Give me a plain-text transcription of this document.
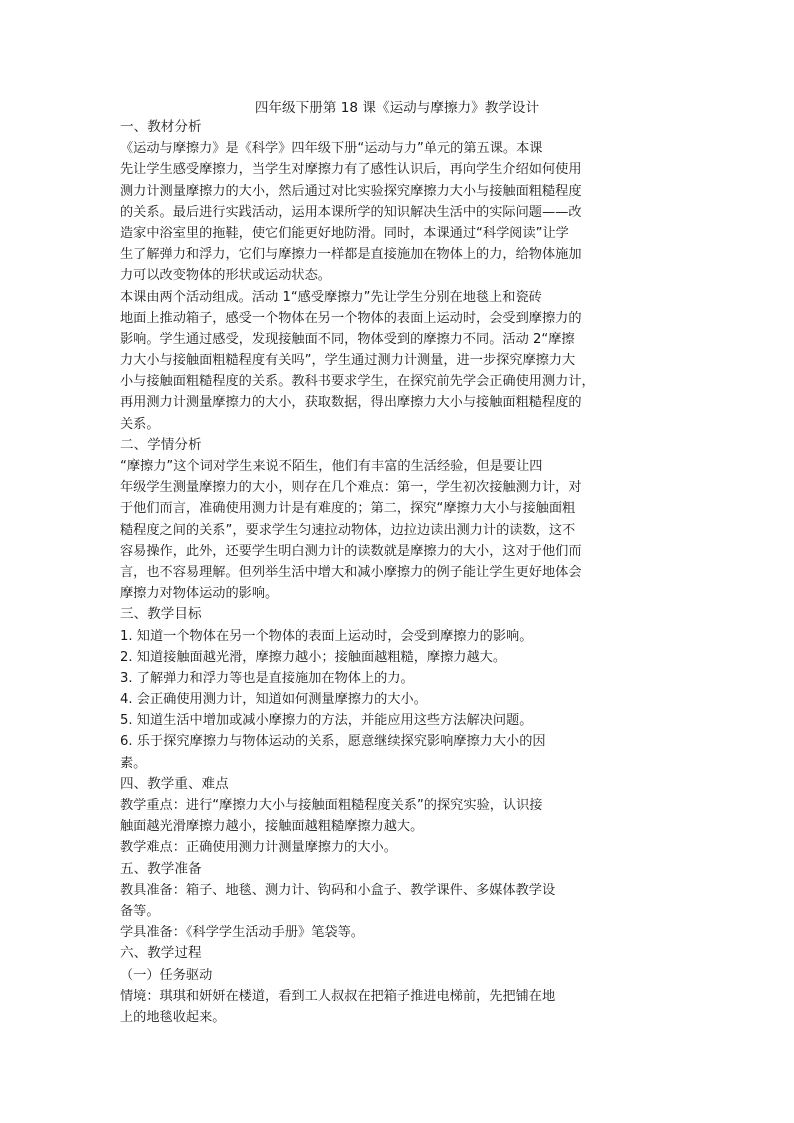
四年级下册第 18 课《运动与摩擦力》教学设计

一、教材分析

《运动与摩擦力》是《科学》四年级下册“运动与力”单元的第五课。本课

先让学生感受摩擦力，当学生对摩擦力有了感性认识后，再向学生介绍如何使用

测力计测量摩擦力的大小，然后通过对比实验探究摩擦力大小与接触面粗糙程度

的关系。最后进行实践活动，运用本课所学的知识解决生活中的实际问题——改

造家中浴室里的拖鞋，使它们能更好地防滑。同时，本课通过“科学阅读”让学

生了解弹力和浮力，它们与摩擦力一样都是直接施加在物体上的力，给物体施加

力可以改变物体的形状或运动状态。

本课由两个活动组成。活动 1“感受摩擦力”先让学生分别在地毯上和瓷砖

地面上推动箱子，感受一个物体在另一个物体的表面上运动时，会受到摩擦力的

影响。学生通过感受，发现接触面不同，物体受到的摩擦力不同。活动 2“摩擦

力大小与接触面粗糙程度有关吗”，学生通过测力计测量，进一步探究摩擦力大

小与接触面粗糙程度的关系。教科书要求学生，在探究前先学会正确使用测力计，

再用测力计测量摩擦力的大小，获取数据，得出摩擦力大小与接触面粗糙程度的

关系。

二、学情分析

“摩擦力”这个词对学生来说不陌生，他们有丰富的生活经验，但是要让四

年级学生测量摩擦力的大小，则存在几个难点：第一，学生初次接触测力计，对

于他们而言，准确使用测力计是有难度的；第二，探究“摩擦力大小与接触面粗

糙程度之间的关系”，要求学生匀速拉动物体，边拉边读出测力计的读数，这不

容易操作，此外，还要学生明白测力计的读数就是摩擦力的大小，这对于他们而

言，也不容易理解。但列举生活中增大和减小摩擦力的例子能让学生更好地体会

摩擦力对物体运动的影响。

三、教学目标

1. 知道一个物体在另一个物体的表面上运动时，会受到摩擦力的影响。

2. 知道接触面越光滑，摩擦力越小；接触面越粗糙，摩擦力越大。

3. 了解弹力和浮力等也是直接施加在物体上的力。

4. 会正确使用测力计，知道如何测量摩擦力的大小。

5. 知道生活中增加或减小摩擦力的方法，并能应用这些方法解决问题。

6. 乐于探究摩擦力与物体运动的关系，愿意继续探究影响摩擦力大小的因

素。

四、教学重、难点

教学重点：进行“摩擦力大小与接触面粗糙程度关系”的探究实验，认识接

触面越光滑摩擦力越小，接触面越粗糙摩擦力越大。

教学难点：正确使用测力计测量摩擦力的大小。

五、教学准备

教具准备：箱子、地毯、测力计、钩码和小盒子、教学课件、多媒体教学设

备等。

学具准备：《科学学生活动手册》笔袋等。

六、教学过程

（一）任务驱动

情境：琪琪和妍妍在楼道，看到工人叔叔在把箱子推进电梯前，先把铺在地

上的地毯收起来。
